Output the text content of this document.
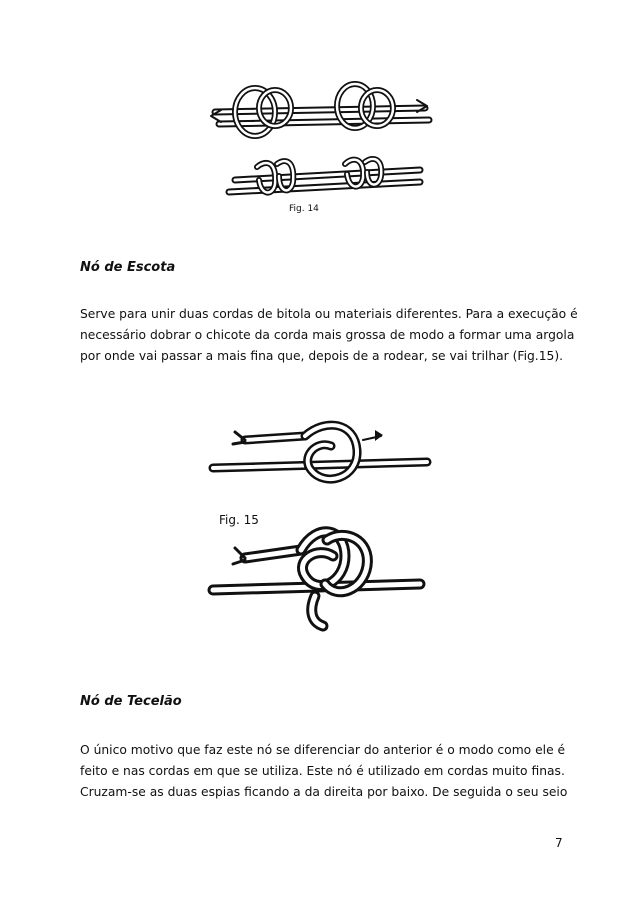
Fig. 14
Nó de Escota

Serve para unir duas cordas de bitola ou materiais diferentes. Para a execução é
necessário dobrar o chicote da corda mais grossa de modo a formar uma argola
por onde vai passar a mais fina que, depois de a rodear, se vai trilhar (Fig.15).

Fig. 15
Nó de Tecelão

O único motivo que faz este nó se diferenciar do anterior é o modo como ele é
feito e nas cordas em que se utiliza. Este nó é utilizado em cordas muito finas.
Cruzam-se as duas espias ficando a da direita por baixo. De seguida o seu seio

7
